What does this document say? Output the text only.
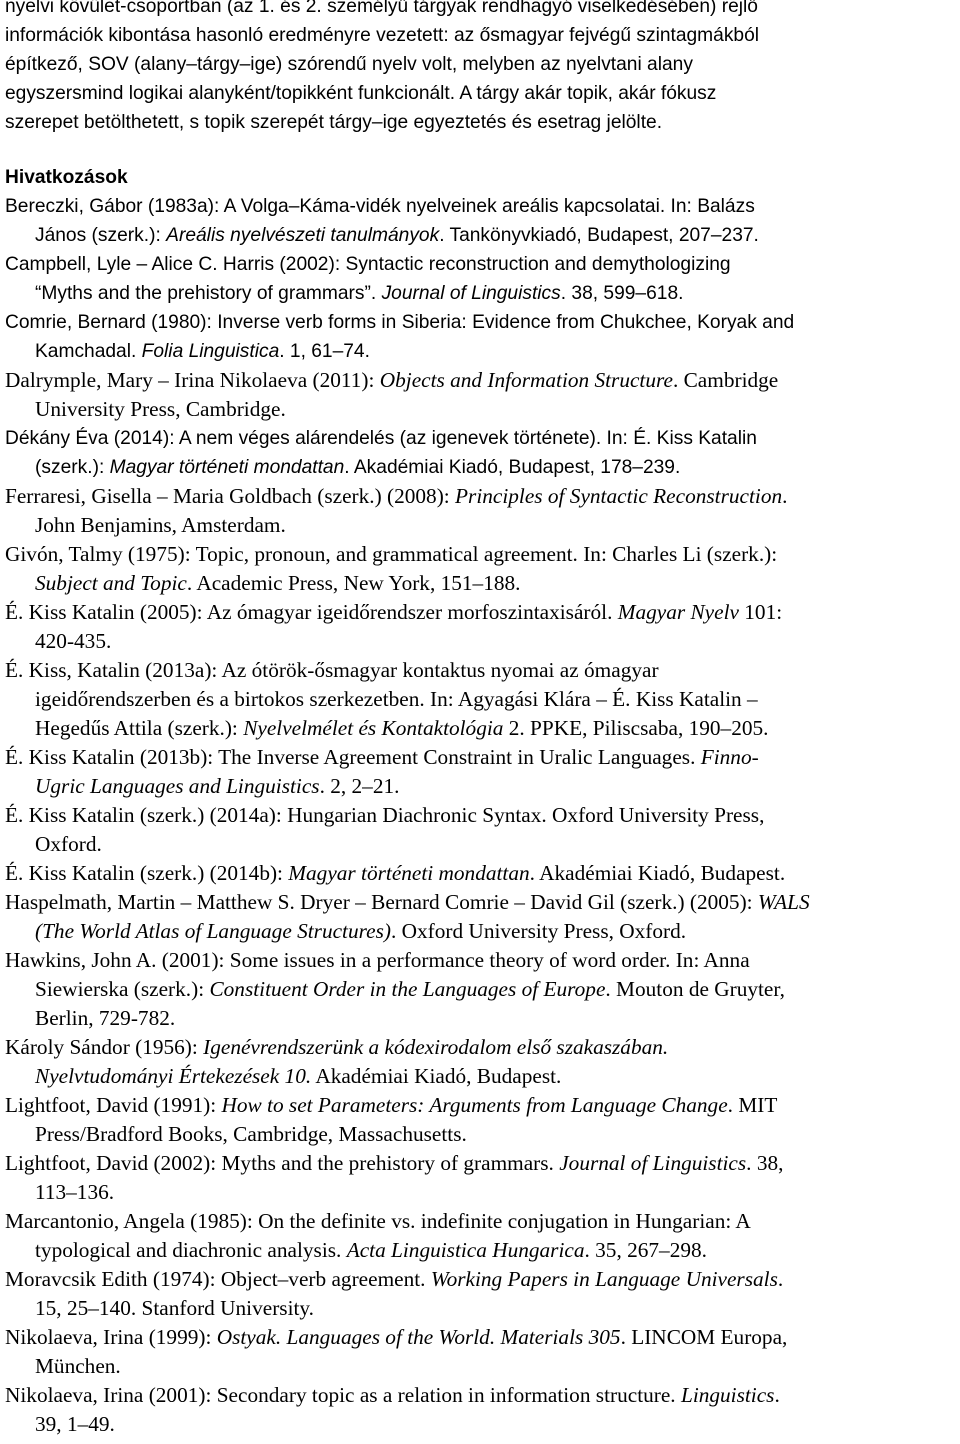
nyelvi kövület-csoportban (az 1. és 2. személyű tárgyak rendhagyó viselkedésében) rejlő
információk kibontása hasonló eredményre vezetett: az ősmagyar fejvégű szintagmákból
építkező, SOV (alany–tárgy–ige) szórendű nyelv volt, melyben az nyelvtani alany
egyszersmind logikai alanyként/topikként funkcionált. A tárgy akár topik, akár fókusz
szerepet betölthetett, s topik szerepét tárgy–ige egyeztetés és esetrag jelölte.
Hivatkozások
Bereczki, Gábor (1983a): A Volga–Káma-vidék nyelveinek areális kapcsolatai. In: Balázs
János (szerk.): Areális nyelvészeti tanulmányok. Tankönyvkiadó, Budapest, 207–237.
Campbell, Lyle – Alice C. Harris (2002): Syntactic reconstruction and demythologizing
“Myths and the prehistory of grammars”. Journal of Linguistics. 38, 599–618.
Comrie, Bernard (1980): Inverse verb forms in Siberia: Evidence from Chukchee, Koryak and
Kamchadal. Folia Linguistica. 1, 61–74.
Dalrymple, Mary – Irina Nikolaeva (2011): Objects and Information Structure. Cambridge
University Press, Cambridge.
Dékány Éva (2014): A nem véges alárendelés (az igenevek története). In: É. Kiss Katalin
(szerk.): Magyar történeti mondattan. Akadémiai Kiadó, Budapest, 178–239.
Ferraresi, Gisella – Maria Goldbach (szerk.) (2008): Principles of Syntactic Reconstruction.
John Benjamins, Amsterdam.
Givón, Talmy (1975): Topic, pronoun, and grammatical agreement. In: Charles Li (szerk.):
Subject and Topic. Academic Press, New York, 151–188.
É. Kiss Katalin (2005): Az ómagyar igeidőrendszer morfoszintaxisáról. Magyar Nyelv 101:
420-435.
É. Kiss, Katalin (2013a): Az ótörök-ősmagyar kontaktus nyomai az ómagyar
igeidőrendszerben és a birtokos szerkezetben. In: Agyagási Klára – É. Kiss Katalin –
Hegedűs Attila (szerk.): Nyelvelmélet és Kontaktológia 2. PPKE, Piliscsaba, 190–205.
É. Kiss Katalin (2013b): The Inverse Agreement Constraint in Uralic Languages. Finno-
Ugric Languages and Linguistics. 2, 2–21.
É. Kiss Katalin (szerk.) (2014a): Hungarian Diachronic Syntax. Oxford University Press,
Oxford.
É. Kiss Katalin (szerk.) (2014b): Magyar történeti mondattan. Akadémiai Kiadó, Budapest.
Haspelmath, Martin – Matthew S. Dryer – Bernard Comrie – David Gil (szerk.) (2005): WALS
(The World Atlas of Language Structures). Oxford University Press, Oxford.
Hawkins, John A. (2001): Some issues in a performance theory of word order. In: Anna
Siewierska (szerk.): Constituent Order in the Languages of Europe. Mouton de Gruyter,
Berlin, 729-782.
Károly Sándor (1956): Igenévrendszerünk a kódexirodalom első szakaszában.
Nyelvtudományi Értekezések 10. Akadémiai Kiadó, Budapest.
Lightfoot, David (1991): How to set Parameters: Arguments from Language Change. MIT
Press/Bradford Books, Cambridge, Massachusetts.
Lightfoot, David (2002): Myths and the prehistory of grammars. Journal of Linguistics. 38,
113–136.
Marcantonio, Angela (1985): On the definite vs. indefinite conjugation in Hungarian: A
typological and diachronic analysis. Acta Linguistica Hungarica. 35, 267–298.
Moravcsik Edith (1974): Object–verb agreement. Working Papers in Language Universals.
15, 25–140. Stanford University.
Nikolaeva, Irina (1999): Ostyak. Languages of the World. Materials 305. LINCOM Europa,
München.
Nikolaeva, Irina (2001): Secondary topic as a relation in information structure. Linguistics.
39, 1–49.
